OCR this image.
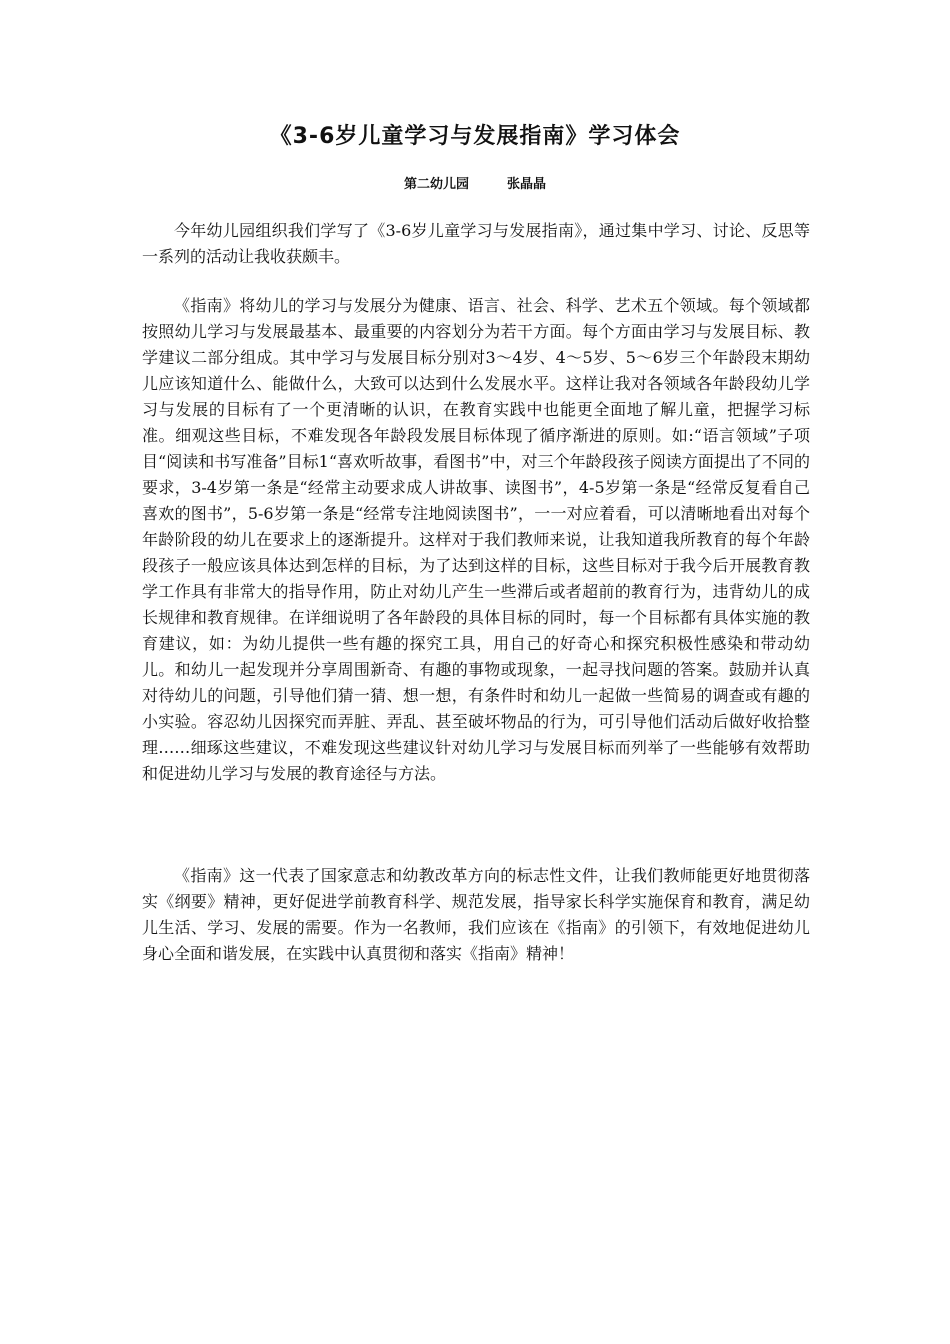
《3-6岁儿童学习与发展指南》学习体会
第二幼儿园	张晶晶

今年幼儿园组织我们学写了《3-6岁儿童学习与发展指南》，通过集中学习、讨论、反思等一系列的活动让我收获颇丰。

《指南》将幼儿的学习与发展分为健康、语言、社会、科学、艺术五个领域。每个领域都按照幼儿学习与发展最基本、最重要的内容划分为若干方面。每个方面由学习与发展目标、教学建议二部分组成。其中学习与发展目标分别对3～4岁、4～5岁、5～6岁三个年龄段末期幼儿应该知道什么、能做什么，大致可以达到什么发展水平。这样让我对各领域各年龄段幼儿学习与发展的目标有了一个更清晰的认识，在教育实践中也能更全面地了解儿童，把握学习标准。细观这些目标，不难发现各年龄段发展目标体现了循序渐进的原则。如:“语言领域”子项目“阅读和书写准备”目标1“喜欢听故事，看图书”中，对三个年龄段孩子阅读方面提出了不同的要求，3-4岁第一条是“经常主动要求成人讲故事、读图书”，4-5岁第一条是“经常反复看自己喜欢的图书”，5-6岁第一条是“经常专注地阅读图书”，一一对应着看，可以清晰地看出对每个年龄阶段的幼儿在要求上的逐渐提升。这样对于我们教师来说，让我知道我所教育的每个年龄段孩子一般应该具体达到怎样的目标，为了达到这样的目标，这些目标对于我今后开展教育教学工作具有非常大的指导作用，防止对幼儿产生一些滞后或者超前的教育行为，违背幼儿的成长规律和教育规律。在详细说明了各年龄段的具体目标的同时，每一个目标都有具体实施的教育建议，如：为幼儿提供一些有趣的探究工具，用自己的好奇心和探究积极性感染和带动幼儿。和幼儿一起发现并分享周围新奇、有趣的事物或现象，一起寻找问题的答案。鼓励并认真对待幼儿的问题，引导他们猜一猜、想一想，有条件时和幼儿一起做一些简易的调查或有趣的小实验。容忍幼儿因探究而弄脏、弄乱、甚至破坏物品的行为，可引导他们活动后做好收拾整理……细琢这些建议，不难发现这些建议针对幼儿学习与发展目标而列举了一些能够有效帮助和促进幼儿学习与发展的教育途径与方法。

《指南》这一代表了国家意志和幼教改革方向的标志性文件，让我们教师能更好地贯彻落实《纲要》精神，更好促进学前教育科学、规范发展，指导家长科学实施保育和教育，满足幼儿生活、学习、发展的需要。作为一名教师，我们应该在《指南》的引领下，有效地促进幼儿身心全面和谐发展，在实践中认真贯彻和落实《指南》精神！
